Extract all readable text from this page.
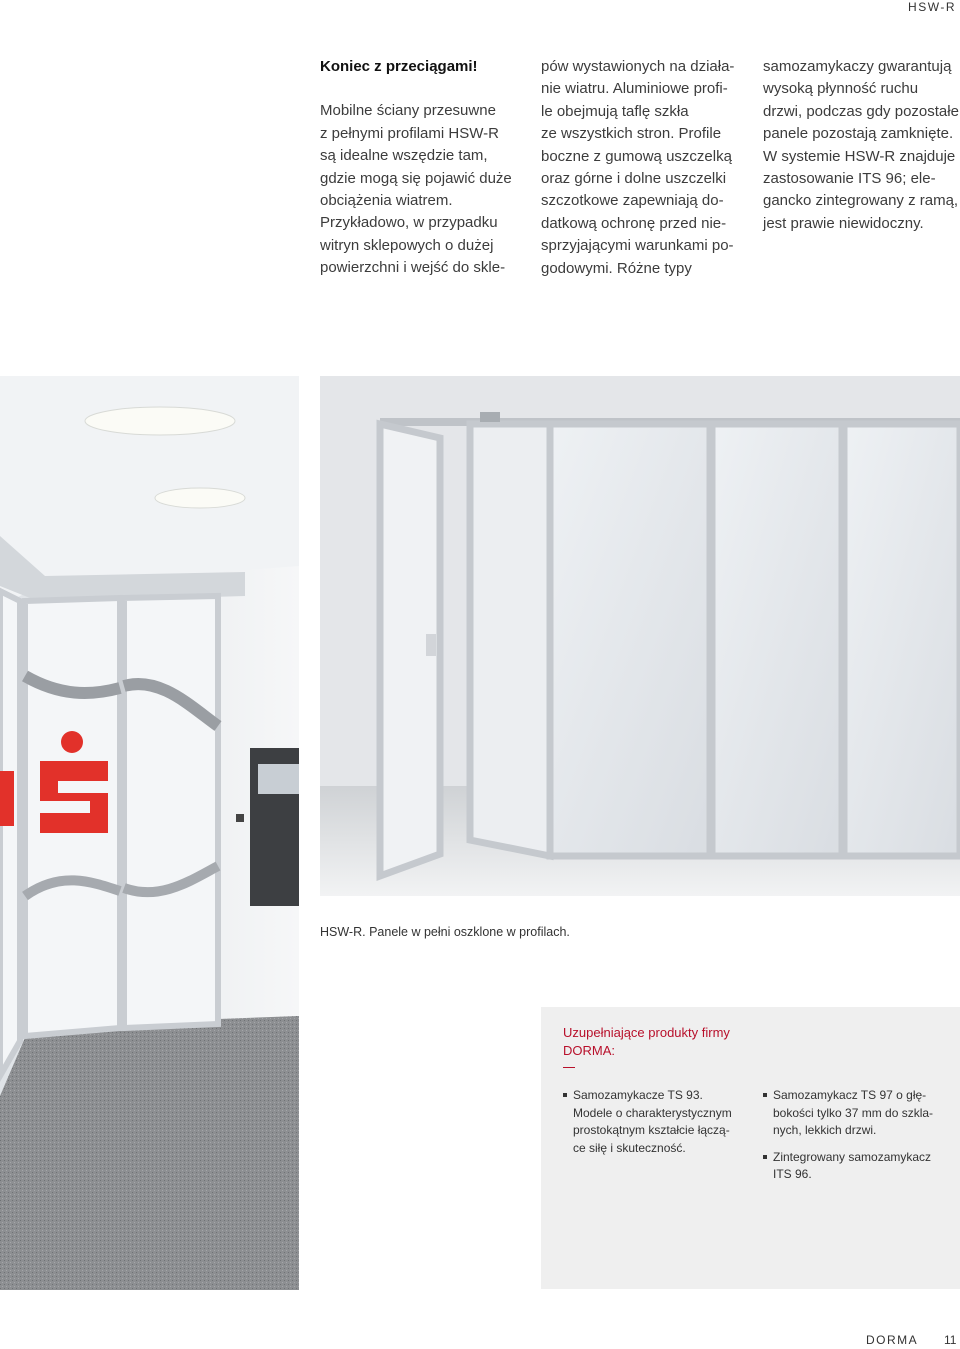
HSW-R
Koniec z przeciągami!
Mobilne ściany przesuwne
z pełnymi profilami HSW-R
są idealne wszędzie tam,
gdzie mogą się pojawić duże
obciążenia wiatrem.
Przykładowo, w przypadku
witryn sklepowych o dużej
powierzchni i wejść do skle-
pów wystawionych na działa-
nie wiatru. Aluminiowe profi-
le obejmują taflę szkła
ze wszystkich stron. Profile
boczne z gumową uszczelką
oraz górne i dolne uszczelki
szczotkowe zapewniają do-
datkową ochronę przed nie-
sprzyjającymi warunkami po-
godowymi. Różne typy
samozamykaczy gwarantują
wysoką płynność ruchu
drzwi, podczas gdy pozostałe
panele pozostają zamknięte.
W systemie HSW-R znajduje
zastosowanie ITS 96; ele-
gancko zintegrowany z ramą,
jest prawie niewidoczny.
HSW-R. Panele w pełni oszklone w profilach.
Uzupełniające produkty firmy
DORMA:
Samozamykacze TS 93.
Modele o charakterystycznym
prostokątnym kształcie łączą-
ce siłę i skuteczność.
Samozamykacz TS 97 o głę-
bokości tylko 37 mm do szkla-
nych, lekkich drzwi.
Zintegrowany samozamykacz
ITS 96.
DORMA 11
